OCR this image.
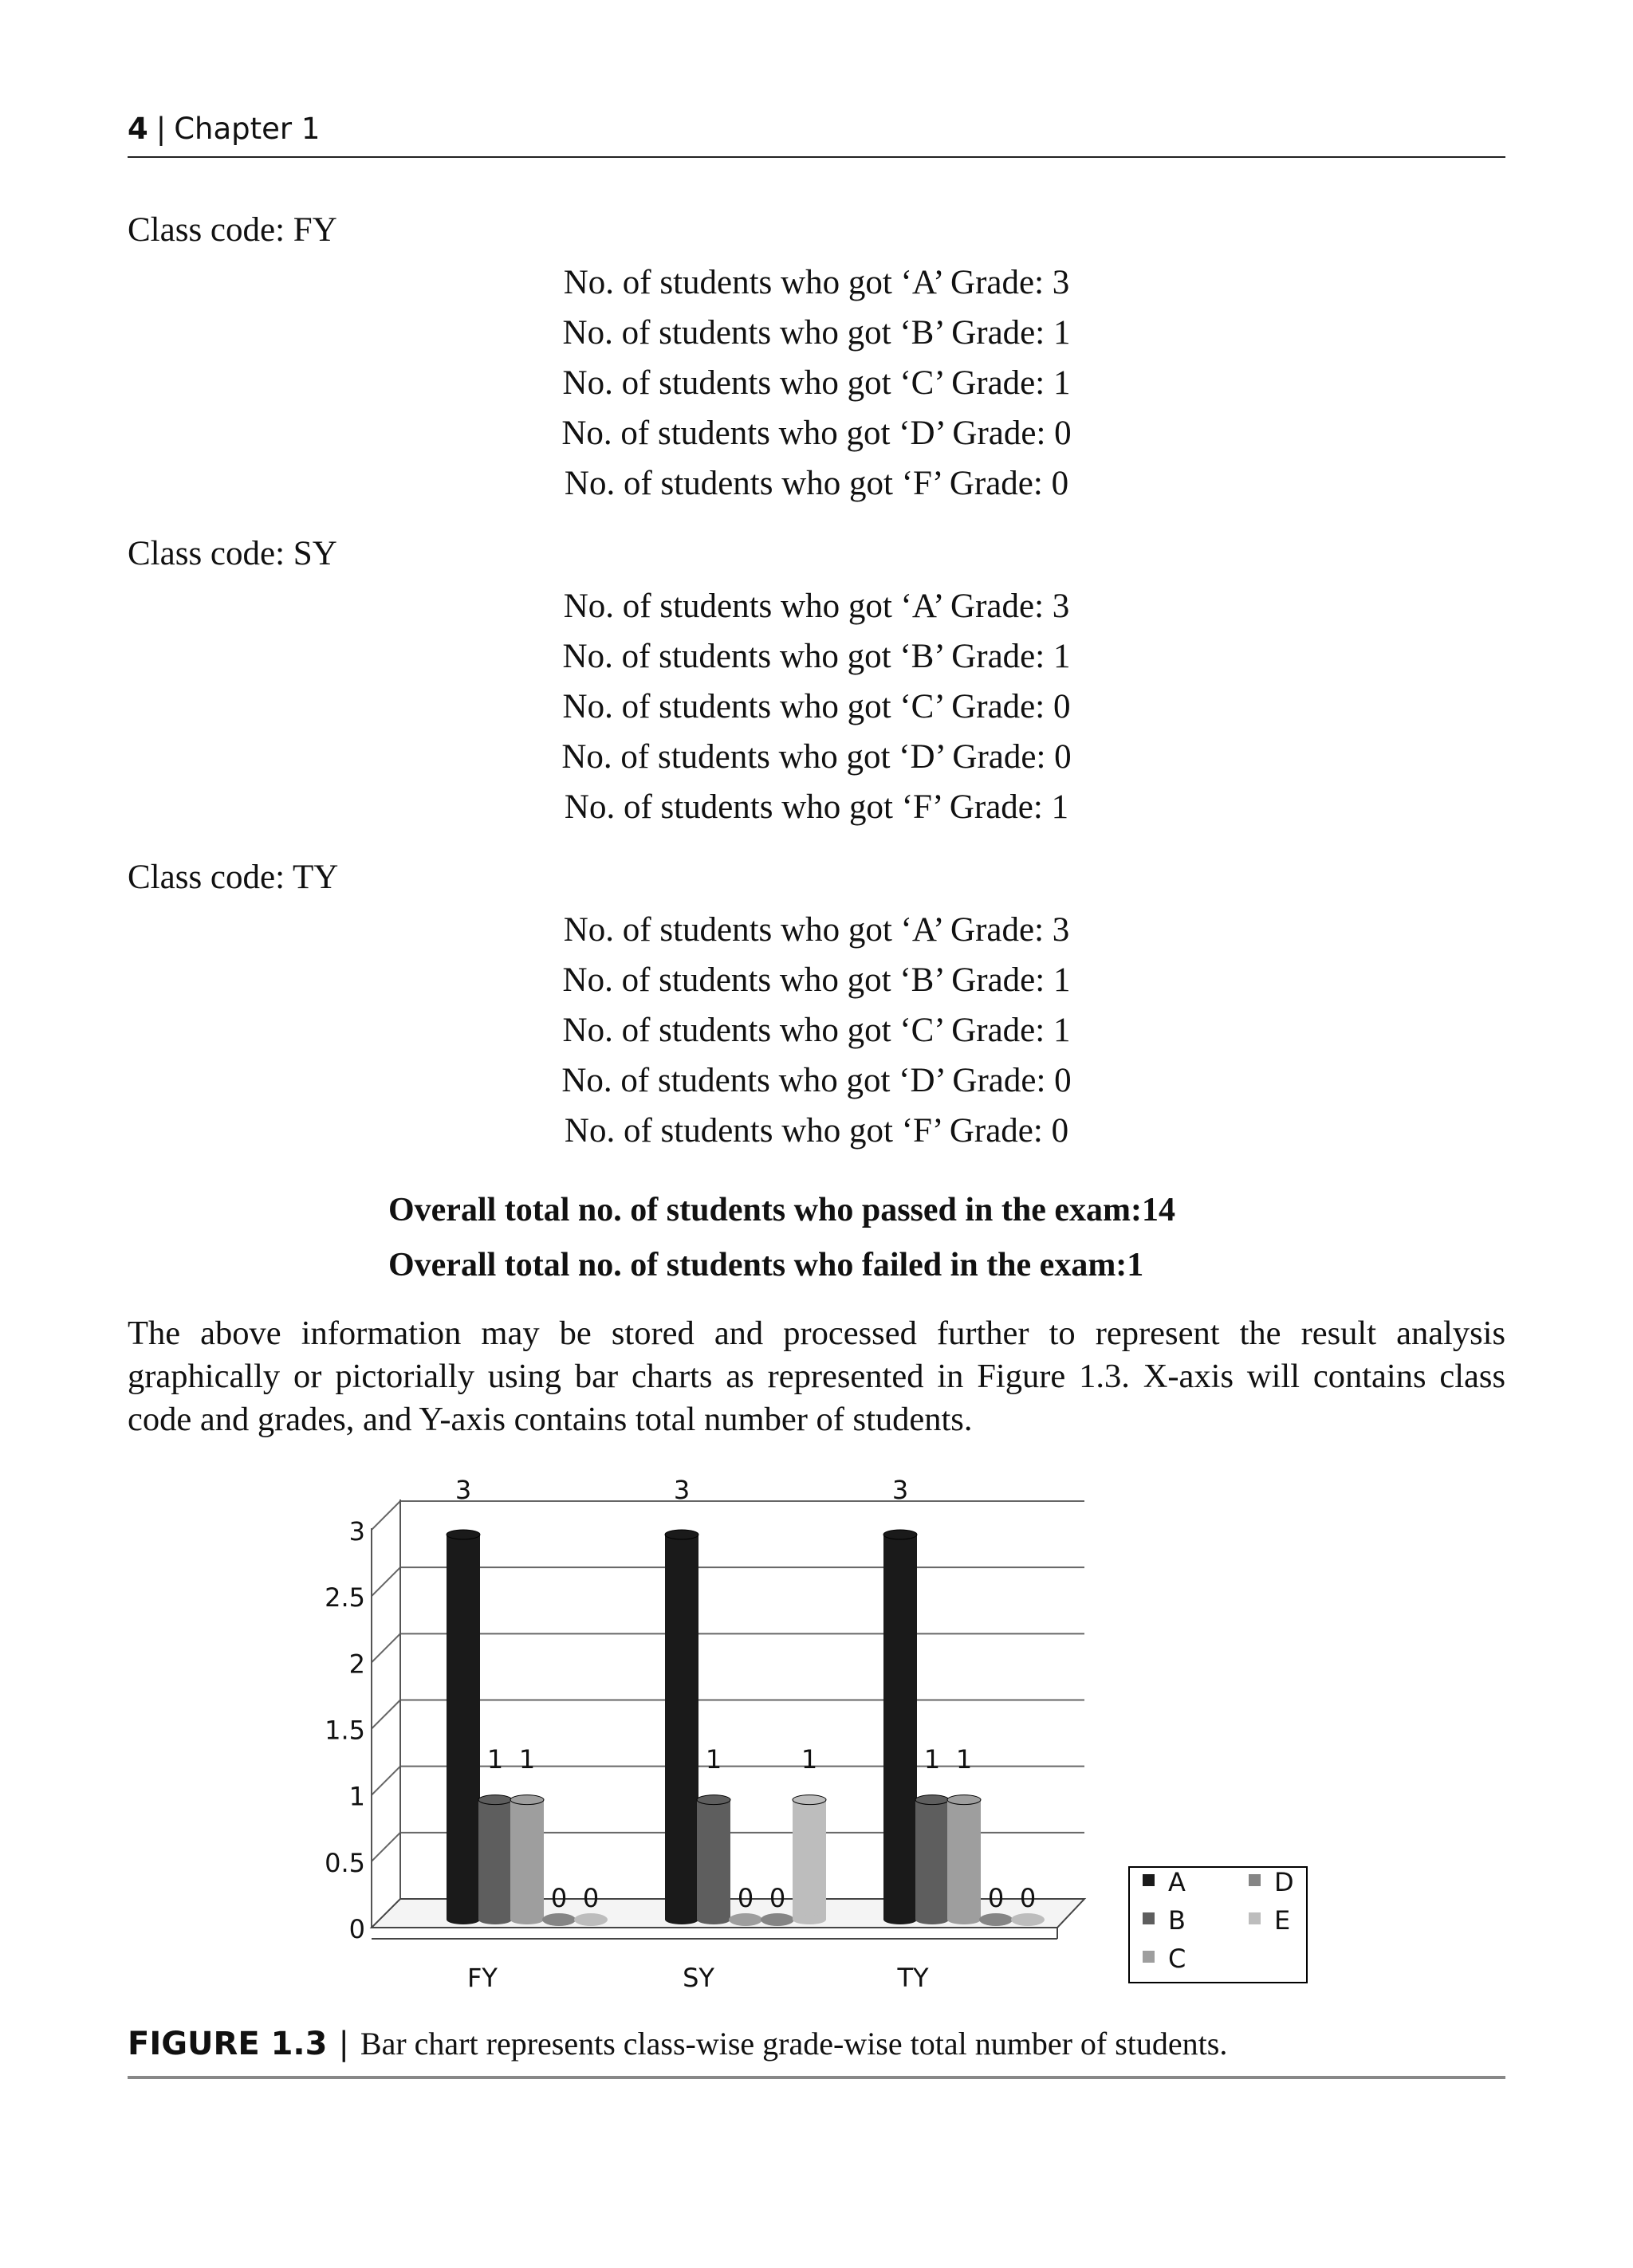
4 | Chapter 1
Class code: FY
No. of students who got ‘A’ Grade: 3
No. of students who got ‘B’ Grade: 1
No. of students who got ‘C’ Grade: 1
No. of students who got ‘D’ Grade: 0
No. of students who got ‘F’ Grade: 0
Class code: SY
No. of students who got ‘A’ Grade: 3
No. of students who got ‘B’ Grade: 1
No. of students who got ‘C’ Grade: 0
No. of students who got ‘D’ Grade: 0
No. of students who got ‘F’ Grade: 1
Class code: TY
No. of students who got ‘A’ Grade: 3
No. of students who got ‘B’ Grade: 1
No. of students who got ‘C’ Grade: 1
No. of students who got ‘D’ Grade: 0
No. of students who got ‘F’ Grade: 0
Overall total no. of students who passed in the exam:14
Overall total no. of students who failed in the exam:1
The above information may be stored and processed further to represent the result analysis graphically or pictorially using bar charts as represented in Figure 1.3. X-axis will contains class code and grades, and Y-axis contains total number of students.
0
0.5
1
1.5
2
2.5
3
3
1 1
0 0
FY
3
1
0 0
1
SY
3
1 1
0 0
TY
A
B
C
D
E
FIGURE 1.3 | Bar chart represents class-wise grade-wise total number of students.
